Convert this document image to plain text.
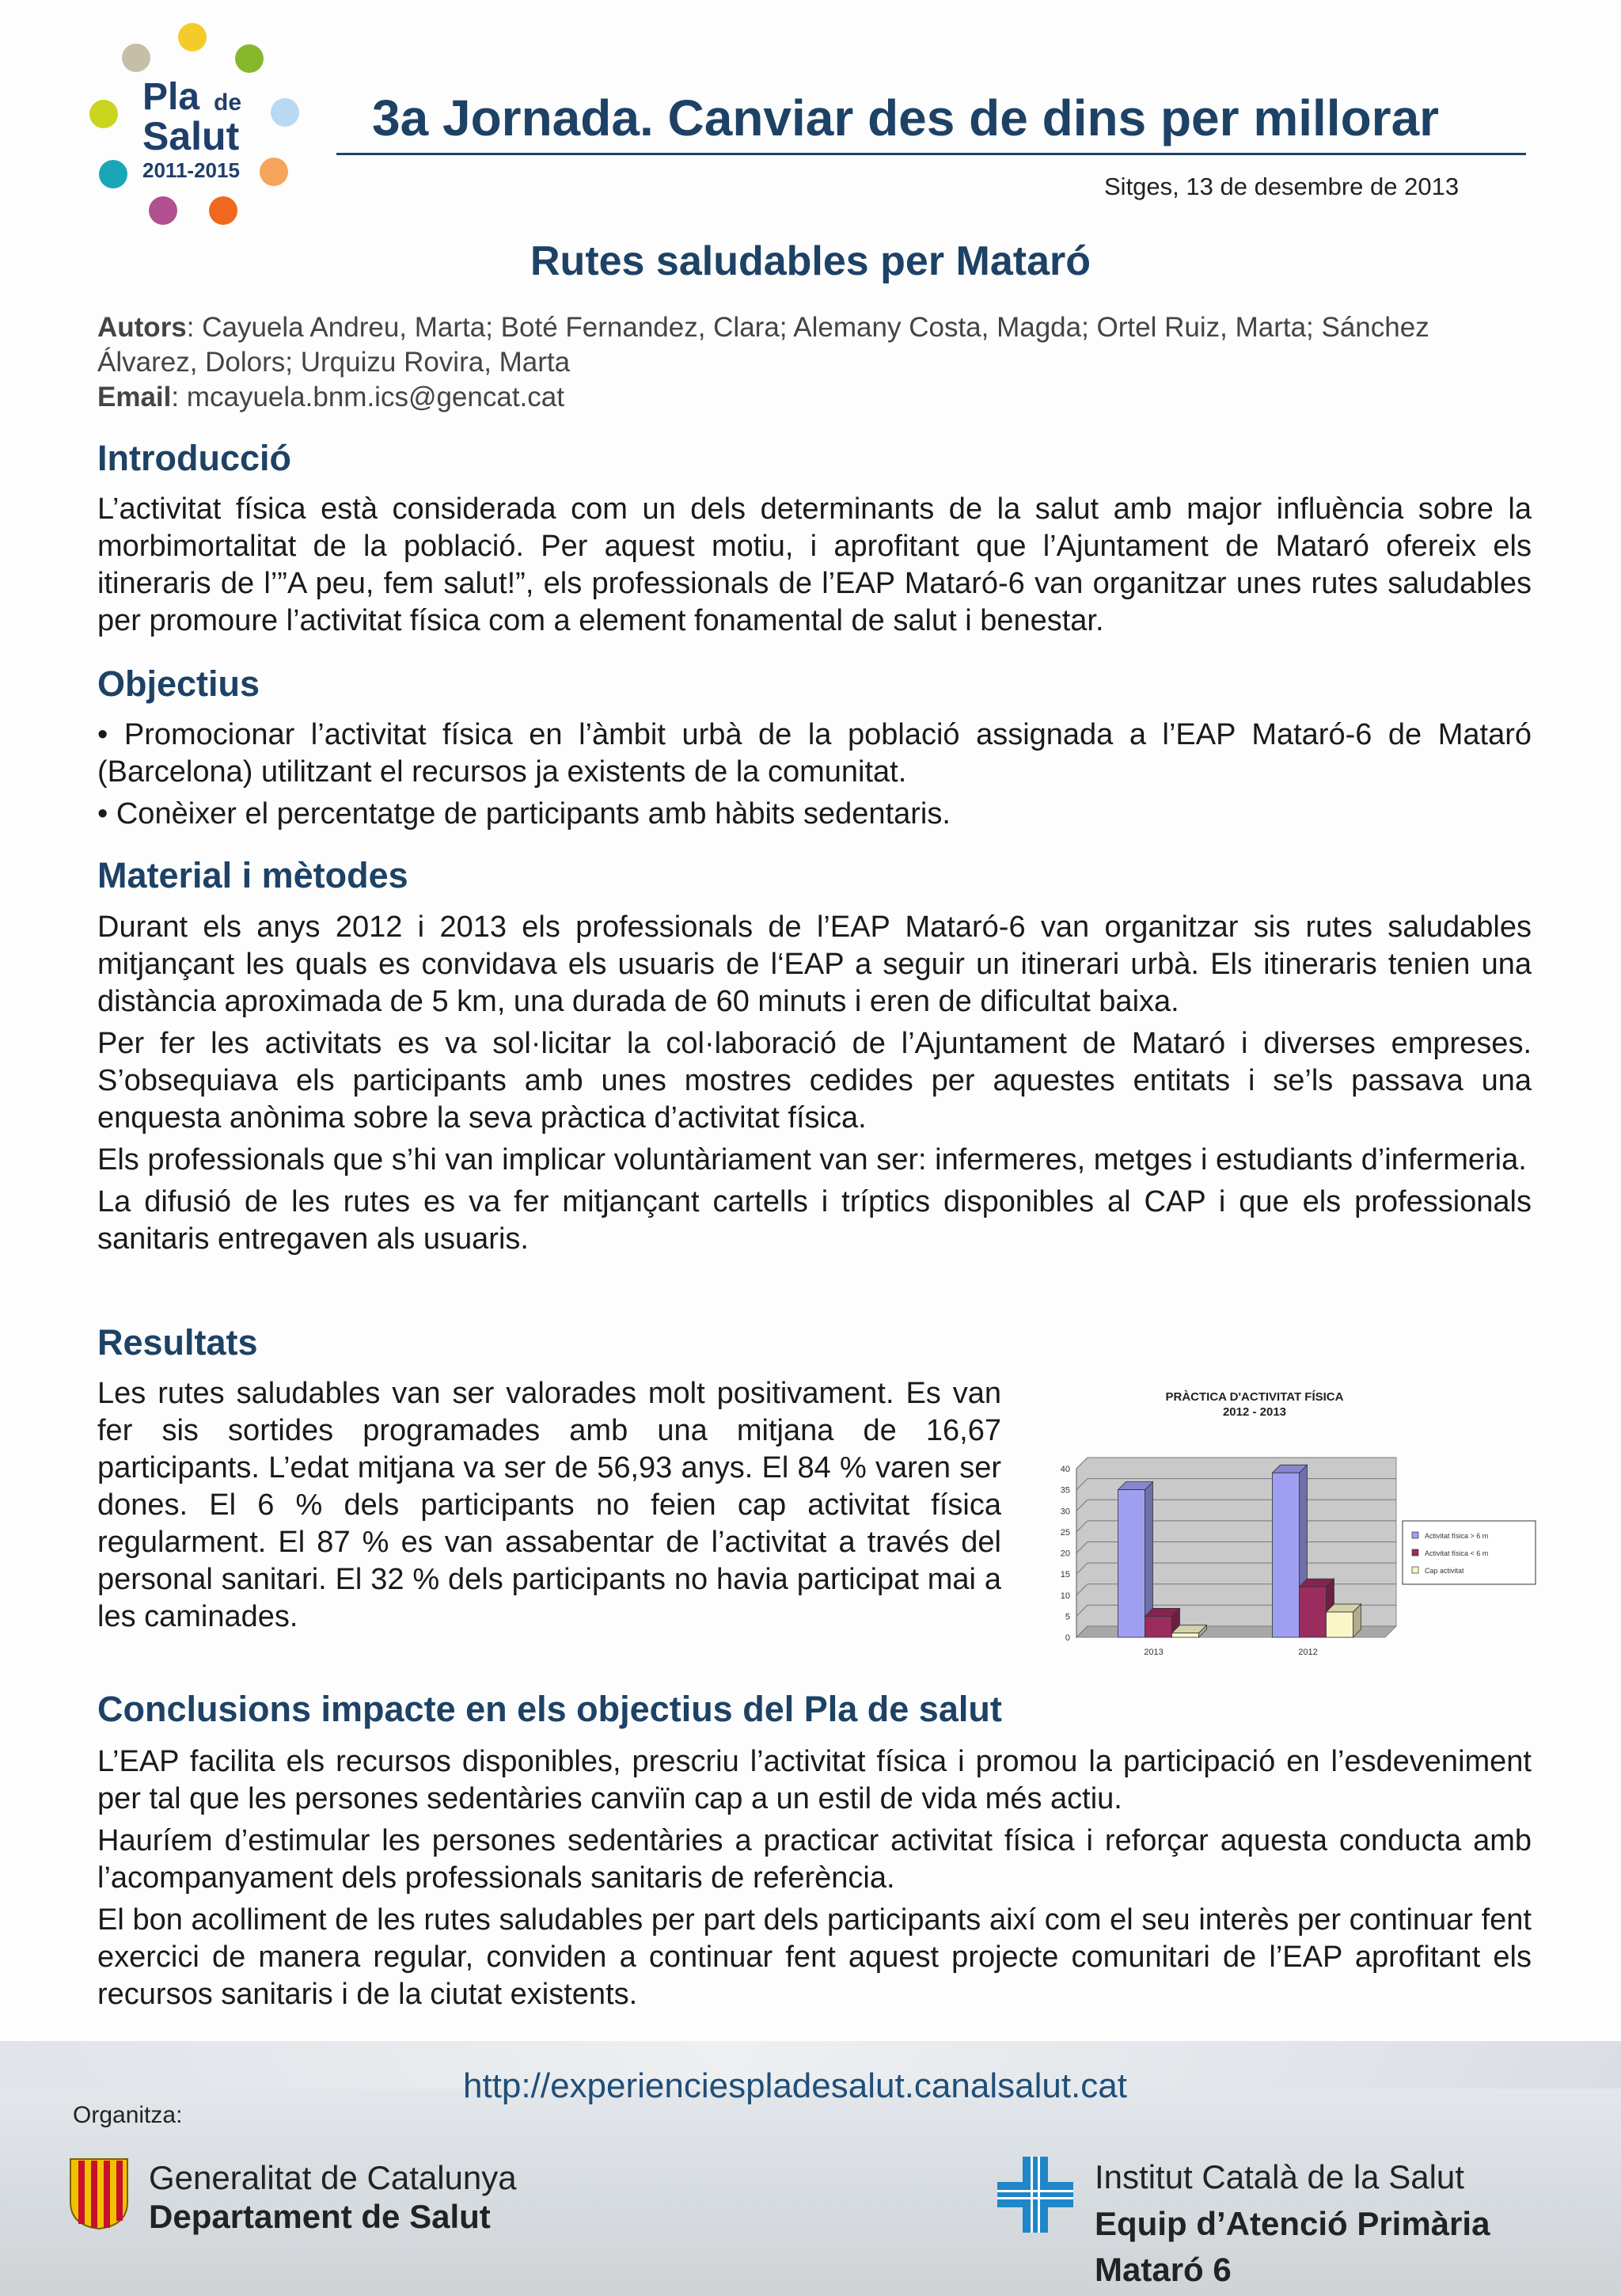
Pla de
Salut
2011-2015
3a Jornada. Canviar des de dins per millorar
Sitges, 13 de desembre de 2013
Rutes saludables per Mataró
Autors: Cayuela Andreu, Marta; Boté Fernandez, Clara; Alemany Costa, Magda; Ortel Ruiz, Marta; Sánchez Álvarez, Dolors; Urquizu Rovira, Marta
Email: mcayuela.bnm.ics@gencat.cat
Introducció

L’activitat física està considerada com un dels determinants de la salut amb major influència sobre la morbimortalitat de la població. Per aquest motiu, i aprofitant que l’Ajuntament de Mataró ofereix els itineraris de l’”A peu, fem salut!”, els professionals de l’EAP Mataró-6 van organitzar unes rutes saludables per promoure l’activitat física com a element fonamental de salut i benestar.

Objectius

• Promocionar l’activitat física en l’àmbit urbà de la població assignada a l’EAP Mataró-6 de Mataró (Barcelona) utilitzant el recursos ja existents de la comunitat.

• Conèixer el percentatge de participants amb hàbits sedentaris.

Material i mètodes

Durant els anys 2012 i 2013 els professionals de l’EAP Mataró-6 van organitzar sis rutes saludables mitjançant les quals es convidava els usuaris de l‘EAP a seguir un itinerari urbà. Els itineraris tenien una distància aproximada de 5 km, una durada de 60 minuts i eren de dificultat baixa.

Per fer les activitats es va sol·licitar la col·laboració de l’Ajuntament de Mataró i diverses empreses. S’obsequiava els participants amb unes mostres cedides per aquestes entitats i se’ls passava una enquesta anònima sobre la seva pràctica d’activitat física.

Els professionals que s’hi van implicar voluntàriament van ser: infermeres, metges i estudiants d’infermeria.

La difusió de les rutes es va fer mitjançant cartells i tríptics disponibles al CAP i que els professionals sanitaris entregaven als usuaris.

Resultats

Les rutes saludables van ser valorades molt positivament. Es van fer sis sortides programades amb una mitjana de 16,67 participants. L’edat mitjana va ser de 56,93 anys. El 84 % varen ser dones. El 6 % dels participants no feien cap activitat física regularment. El 87 % es van assabentar de l’activitat a través del personal sanitari. El 32 % dels participants no havia participat mai a les caminades.

PRÀCTICA D'ACTIVITAT FÍSICA
2012 - 2013
0
5
10
15
20
25
30
35
40
2013	2012
Activitat física > 6 m
Activitat física < 6 m
Cap activitat
Conclusions impacte en els objectius del Pla de salut

L’EAP facilita els recursos disponibles, prescriu l’activitat física i promou la participació en l’esdeveniment per tal que les persones sedentàries canviïn cap a un estil de vida més actiu.

Hauríem d’estimular les persones sedentàries a practicar activitat física i reforçar aquesta conducta amb l’acompanyament dels professionals sanitaris de referència.

El bon acolliment de les rutes saludables per part dels participants així com el seu interès per continuar fent exercici de manera regular, conviden a continuar fent aquest projecte comunitari de l’EAP aprofitant els recursos sanitaris i de la ciutat existents.

http://experienciespladesalut.canalsalut.cat
Organitza:
Generalitat de Catalunya
Departament de Salut
Institut Català de la Salut
Equip d’Atenció Primària
Mataró 6
